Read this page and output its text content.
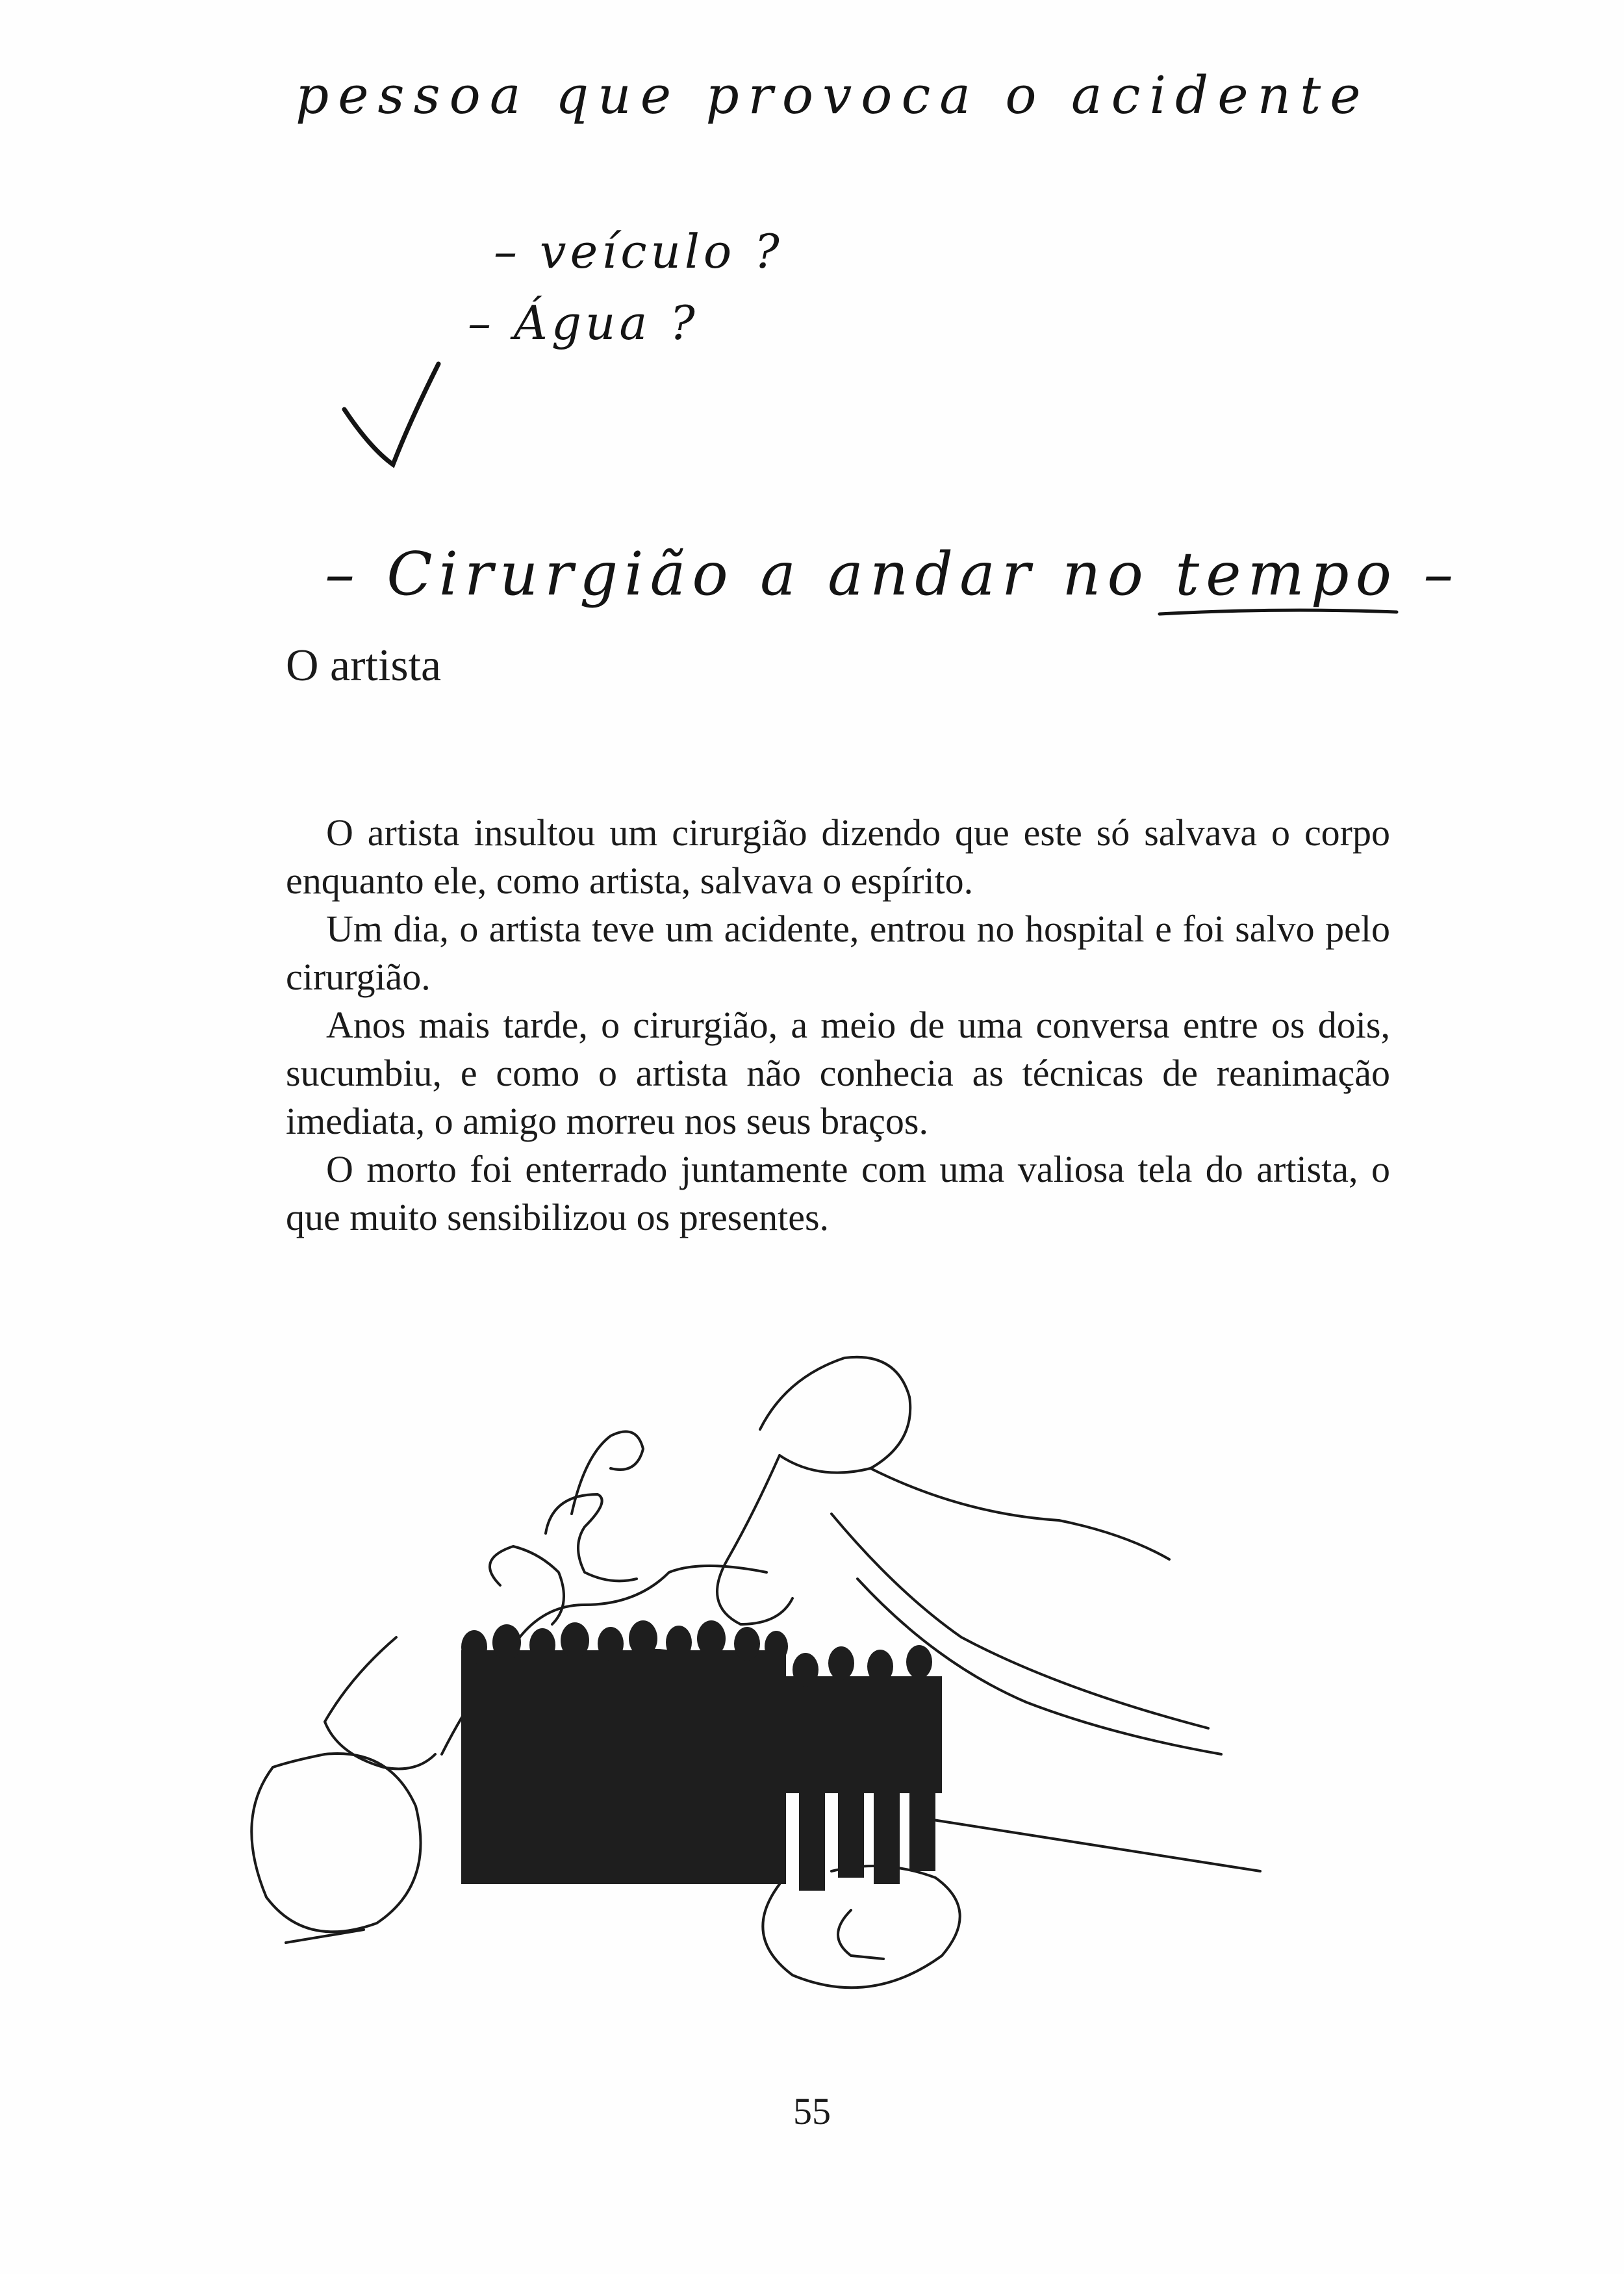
pessoa que provoca o acidente
– veículo ?
– Água ?
– Cirurgião a andar no tempo –
O artista

O artista insultou um cirurgião dizendo que este só salvava o corpo enquanto ele, como artista, salvava o espírito.

Um dia, o artista teve um acidente, entrou no hospital e foi salvo pelo cirurgião.

Anos mais tarde, o cirurgião, a meio de uma conversa entre os dois, sucumbiu, e como o artista não conhecia as técnicas de reanimação imediata, o amigo morreu nos seus braços.

O morto foi enterrado juntamente com uma valiosa tela do artista, o que muito sensibilizou os presentes.

55
